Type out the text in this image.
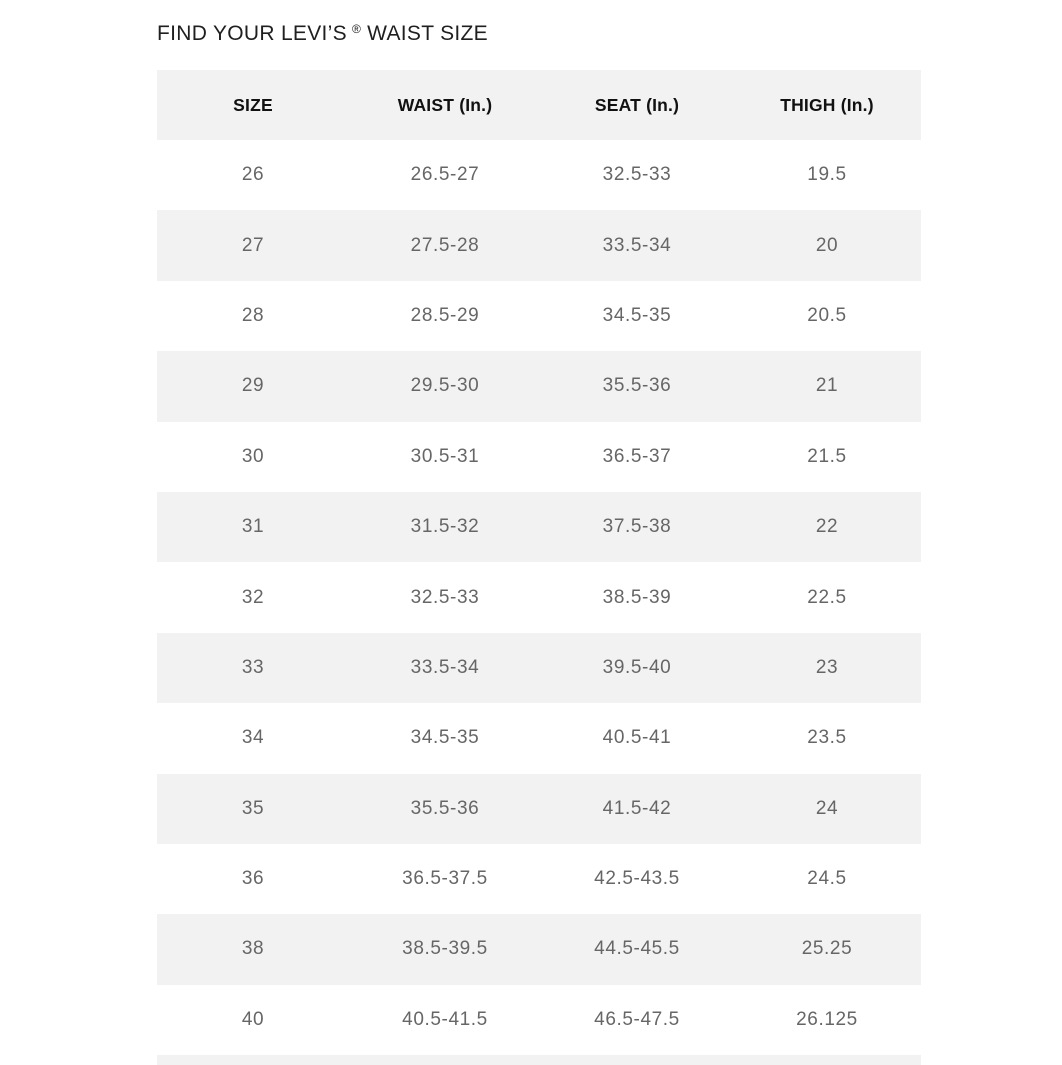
FIND YOUR LEVI’S ® WAIST SIZE
SIZE	WAIST (In.)	SEAT (In.)	THIGH (In.)
26	26.5-27	32.5-33	19.5
27	27.5-28	33.5-34	20
28	28.5-29	34.5-35	20.5
29	29.5-30	35.5-36	21
30	30.5-31	36.5-37	21.5
31	31.5-32	37.5-38	22
32	32.5-33	38.5-39	22.5
33	33.5-34	39.5-40	23
34	34.5-35	40.5-41	23.5
35	35.5-36	41.5-42	24
36	36.5-37.5	42.5-43.5	24.5
38	38.5-39.5	44.5-45.5	25.25
40	40.5-41.5	46.5-47.5	26.125
